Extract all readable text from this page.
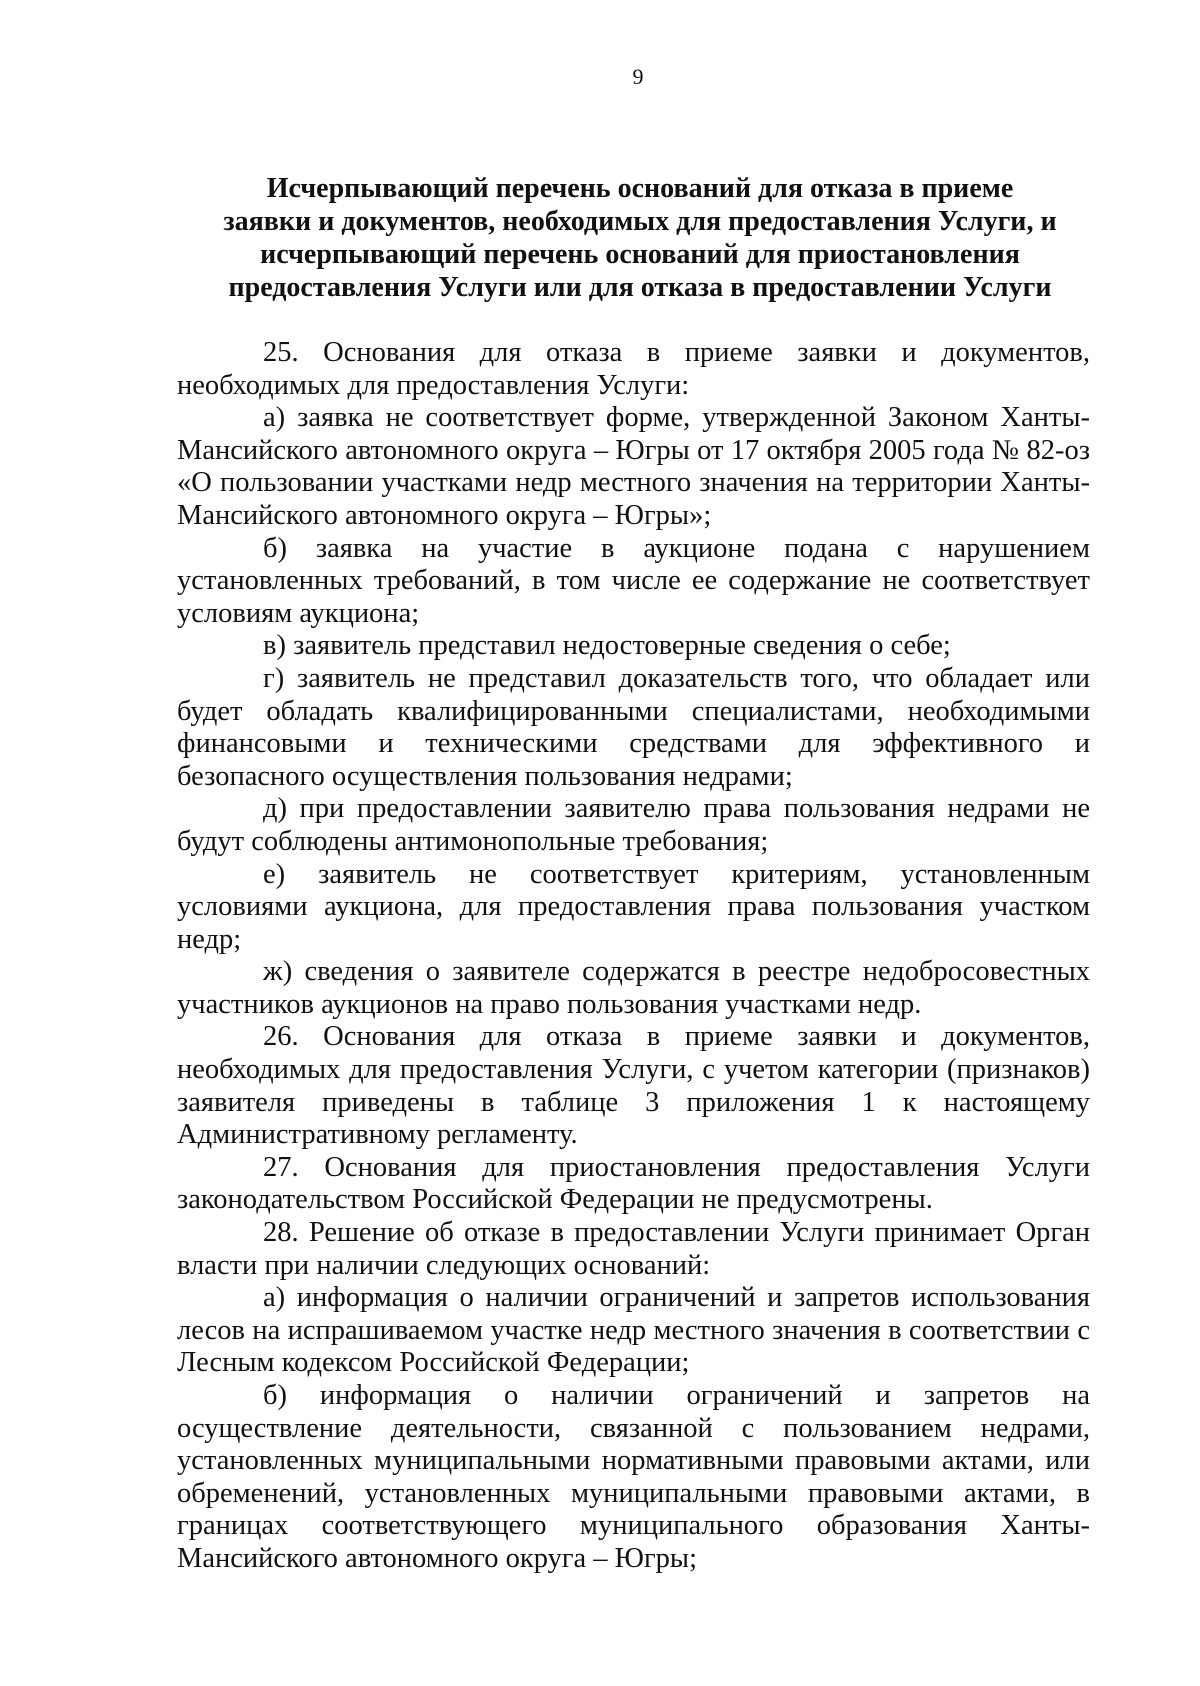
9
Исчерпывающий перечень оснований для отказа в приеме
заявки и документов, необходимых для предоставления Услуги, и
исчерпывающий перечень оснований для приостановления
предоставления Услуги или для отказа в предоставлении Услуги

25. Основания для отказа в приеме заявки и документов, необходимых для предоставления Услуги:

а) заявка не соответствует форме, утвержденной Законом Ханты-Мансийского автономного округа – Югры от 17 октября 2005 года № 82-оз «О пользовании участками недр местного значения на территории Ханты-Мансийского автономного округа – Югры»;

б) заявка на участие в аукционе подана с нарушением установленных требований, в том числе ее содержание не соответствует условиям аукциона;

в) заявитель представил недостоверные сведения о себе;

г) заявитель не представил доказательств того, что обладает или будет обладать квалифицированными специалистами, необходимыми финансовыми и техническими средствами для эффективного и безопасного осуществления пользования недрами;

д) при предоставлении заявителю права пользования недрами не будут соблюдены антимонопольные требования;

е) заявитель не соответствует критериям, установленным условиями аукциона, для предоставления права пользования участком недр;

ж) сведения о заявителе содержатся в реестре недобросовестных участников аукционов на право пользования участками недр.

26. Основания для отказа в приеме заявки и документов, необходимых для предоставления Услуги, с учетом категории (признаков) заявителя приведены в таблице 3 приложения 1 к настоящему Административному регламенту.

27. Основания для приостановления предоставления Услуги законодательством Российской Федерации не предусмотрены.

28. Решение об отказе в предоставлении Услуги принимает Орган власти при наличии следующих оснований:

а) информация о наличии ограничений и запретов использования лесов на испрашиваемом участке недр местного значения в соответствии с Лесным кодексом Российской Федерации;

б) информация о наличии ограничений и запретов на осуществление деятельности, связанной с пользованием недрами, установленных муниципальными нормативными правовыми актами, или обременений, установленных муниципальными правовыми актами, в границах соответствующего муниципального образования Ханты-Мансийского автономного округа – Югры;
